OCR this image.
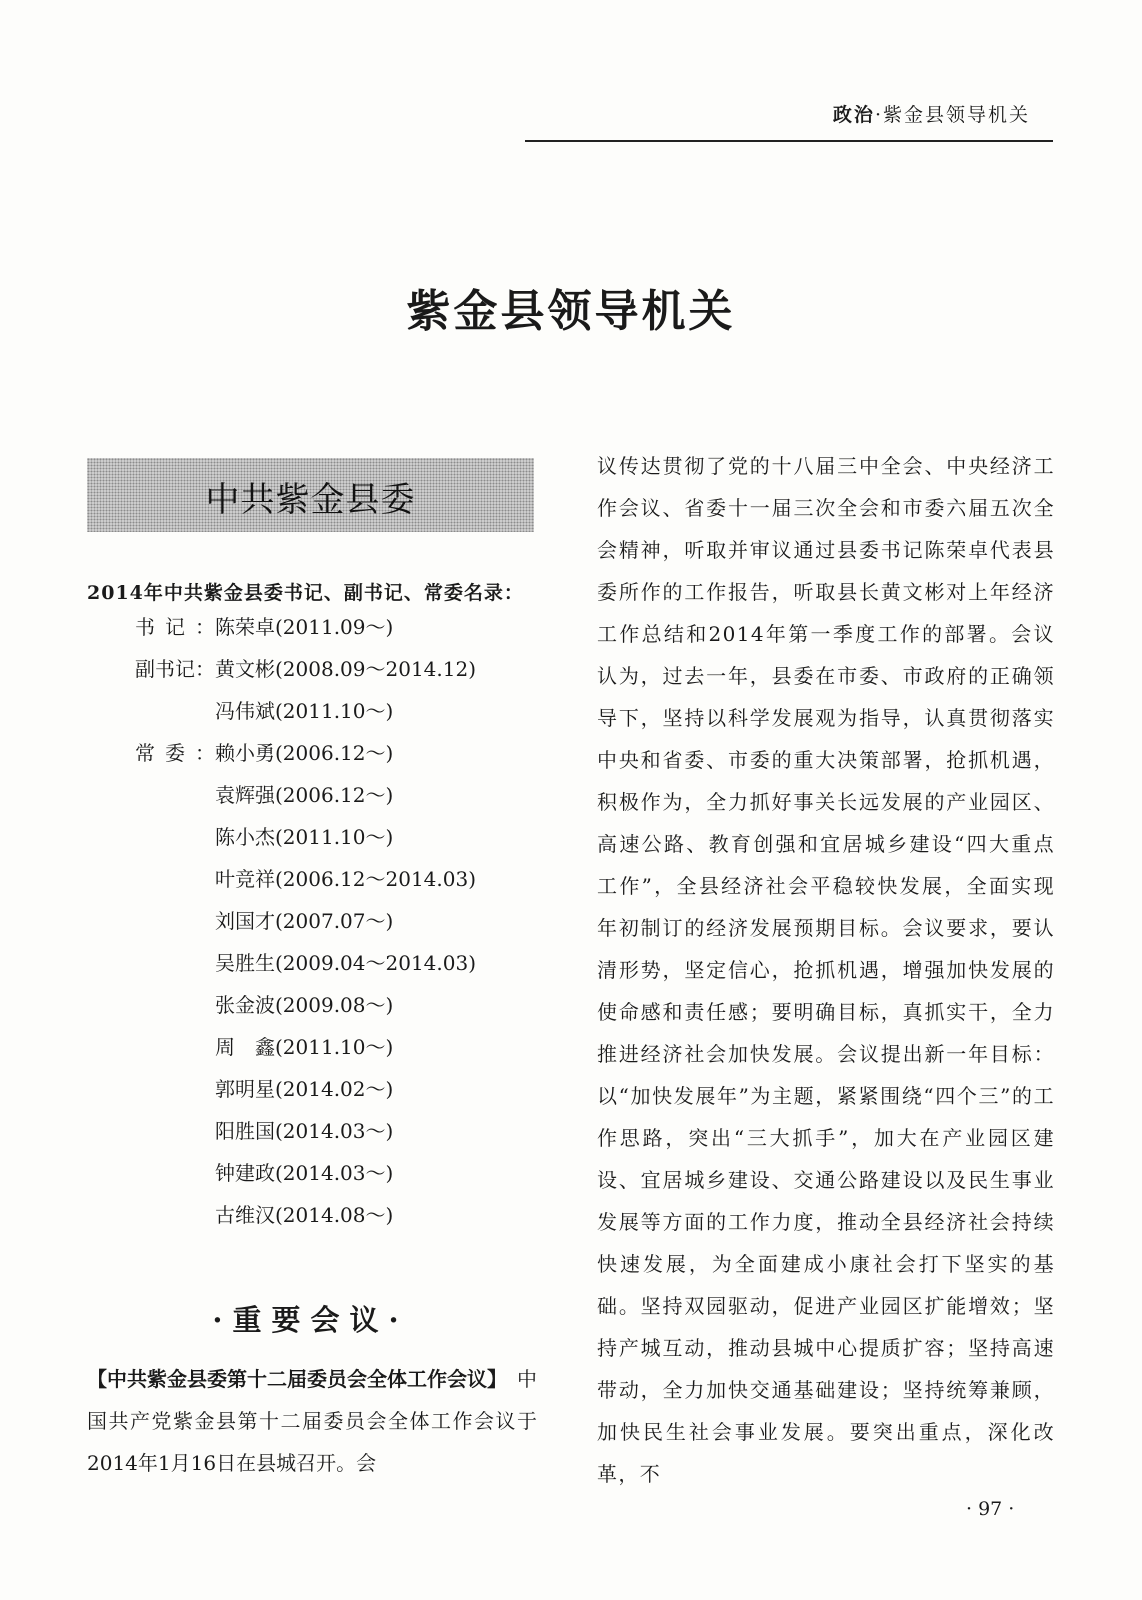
政治·紫金县领导机关
紫金县领导机关
中共紫金县委
2014年中共紫金县委书记、副书记、常委名录：
书记：陈荣卓(2011.09～)
副书记：黄文彬(2008.09～2014.12)
冯伟斌(2011.10～)
常委：赖小勇(2006.12～)
袁辉强(2006.12～)
陈小杰(2011.10～)
叶竞祥(2006.12～2014.03)
刘国才(2007.07～)
吴胜生(2009.04～2014.03)
张金波(2009.08～)
周　鑫(2011.10～)
郭明星(2014.02～)
阳胜国(2014.03～)
钟建政(2014.03～)
古维汉(2014.08～)
·重要会议·
【中共紫金县委第十二届委员会全体工作会议】　 中国共产党紫金县第十二届委员会全体工作会议于2014年1月16日在县城召开。会
议传达贯彻了党的十八届三中全会、中央经济工作会议、省委十一届三次全会和市委六届五次全会精神，听取并审议通过县委书记陈荣卓代表县委所作的工作报告，听取县长黄文彬对上年经济工作总结和2014年第一季度工作的部署。会议认为，过去一年，县委在市委、市政府的正确领导下，坚持以科学发展观为指导，认真贯彻落实中央和省委、市委的重大决策部署，抢抓机遇，积极作为，全力抓好事关长远发展的产业园区、高速公路、教育创强和宜居城乡建设“四大重点工作”，全县经济社会平稳较快发展，全面实现年初制订的经济发展预期目标。会议要求，要认清形势，坚定信心，抢抓机遇，增强加快发展的使命感和责任感；要明确目标，真抓实干，全力推进经济社会加快发展。会议提出新一年目标：以“加快发展年”为主题，紧紧围绕“四个三”的工作思路，突出“三大抓手”，加大在产业园区建设、宜居城乡建设、交通公路建设以及民生事业发展等方面的工作力度，推动全县经济社会持续快速发展，为全面建成小康社会打下坚实的基础。坚持双园驱动，促进产业园区扩能增效；坚持产城互动，推动县城中心提质扩容；坚持高速带动，全力加快交通基础建设；坚持统筹兼顾，加快民生社会事业发展。要突出重点，深化改革，不
· 97 ·
